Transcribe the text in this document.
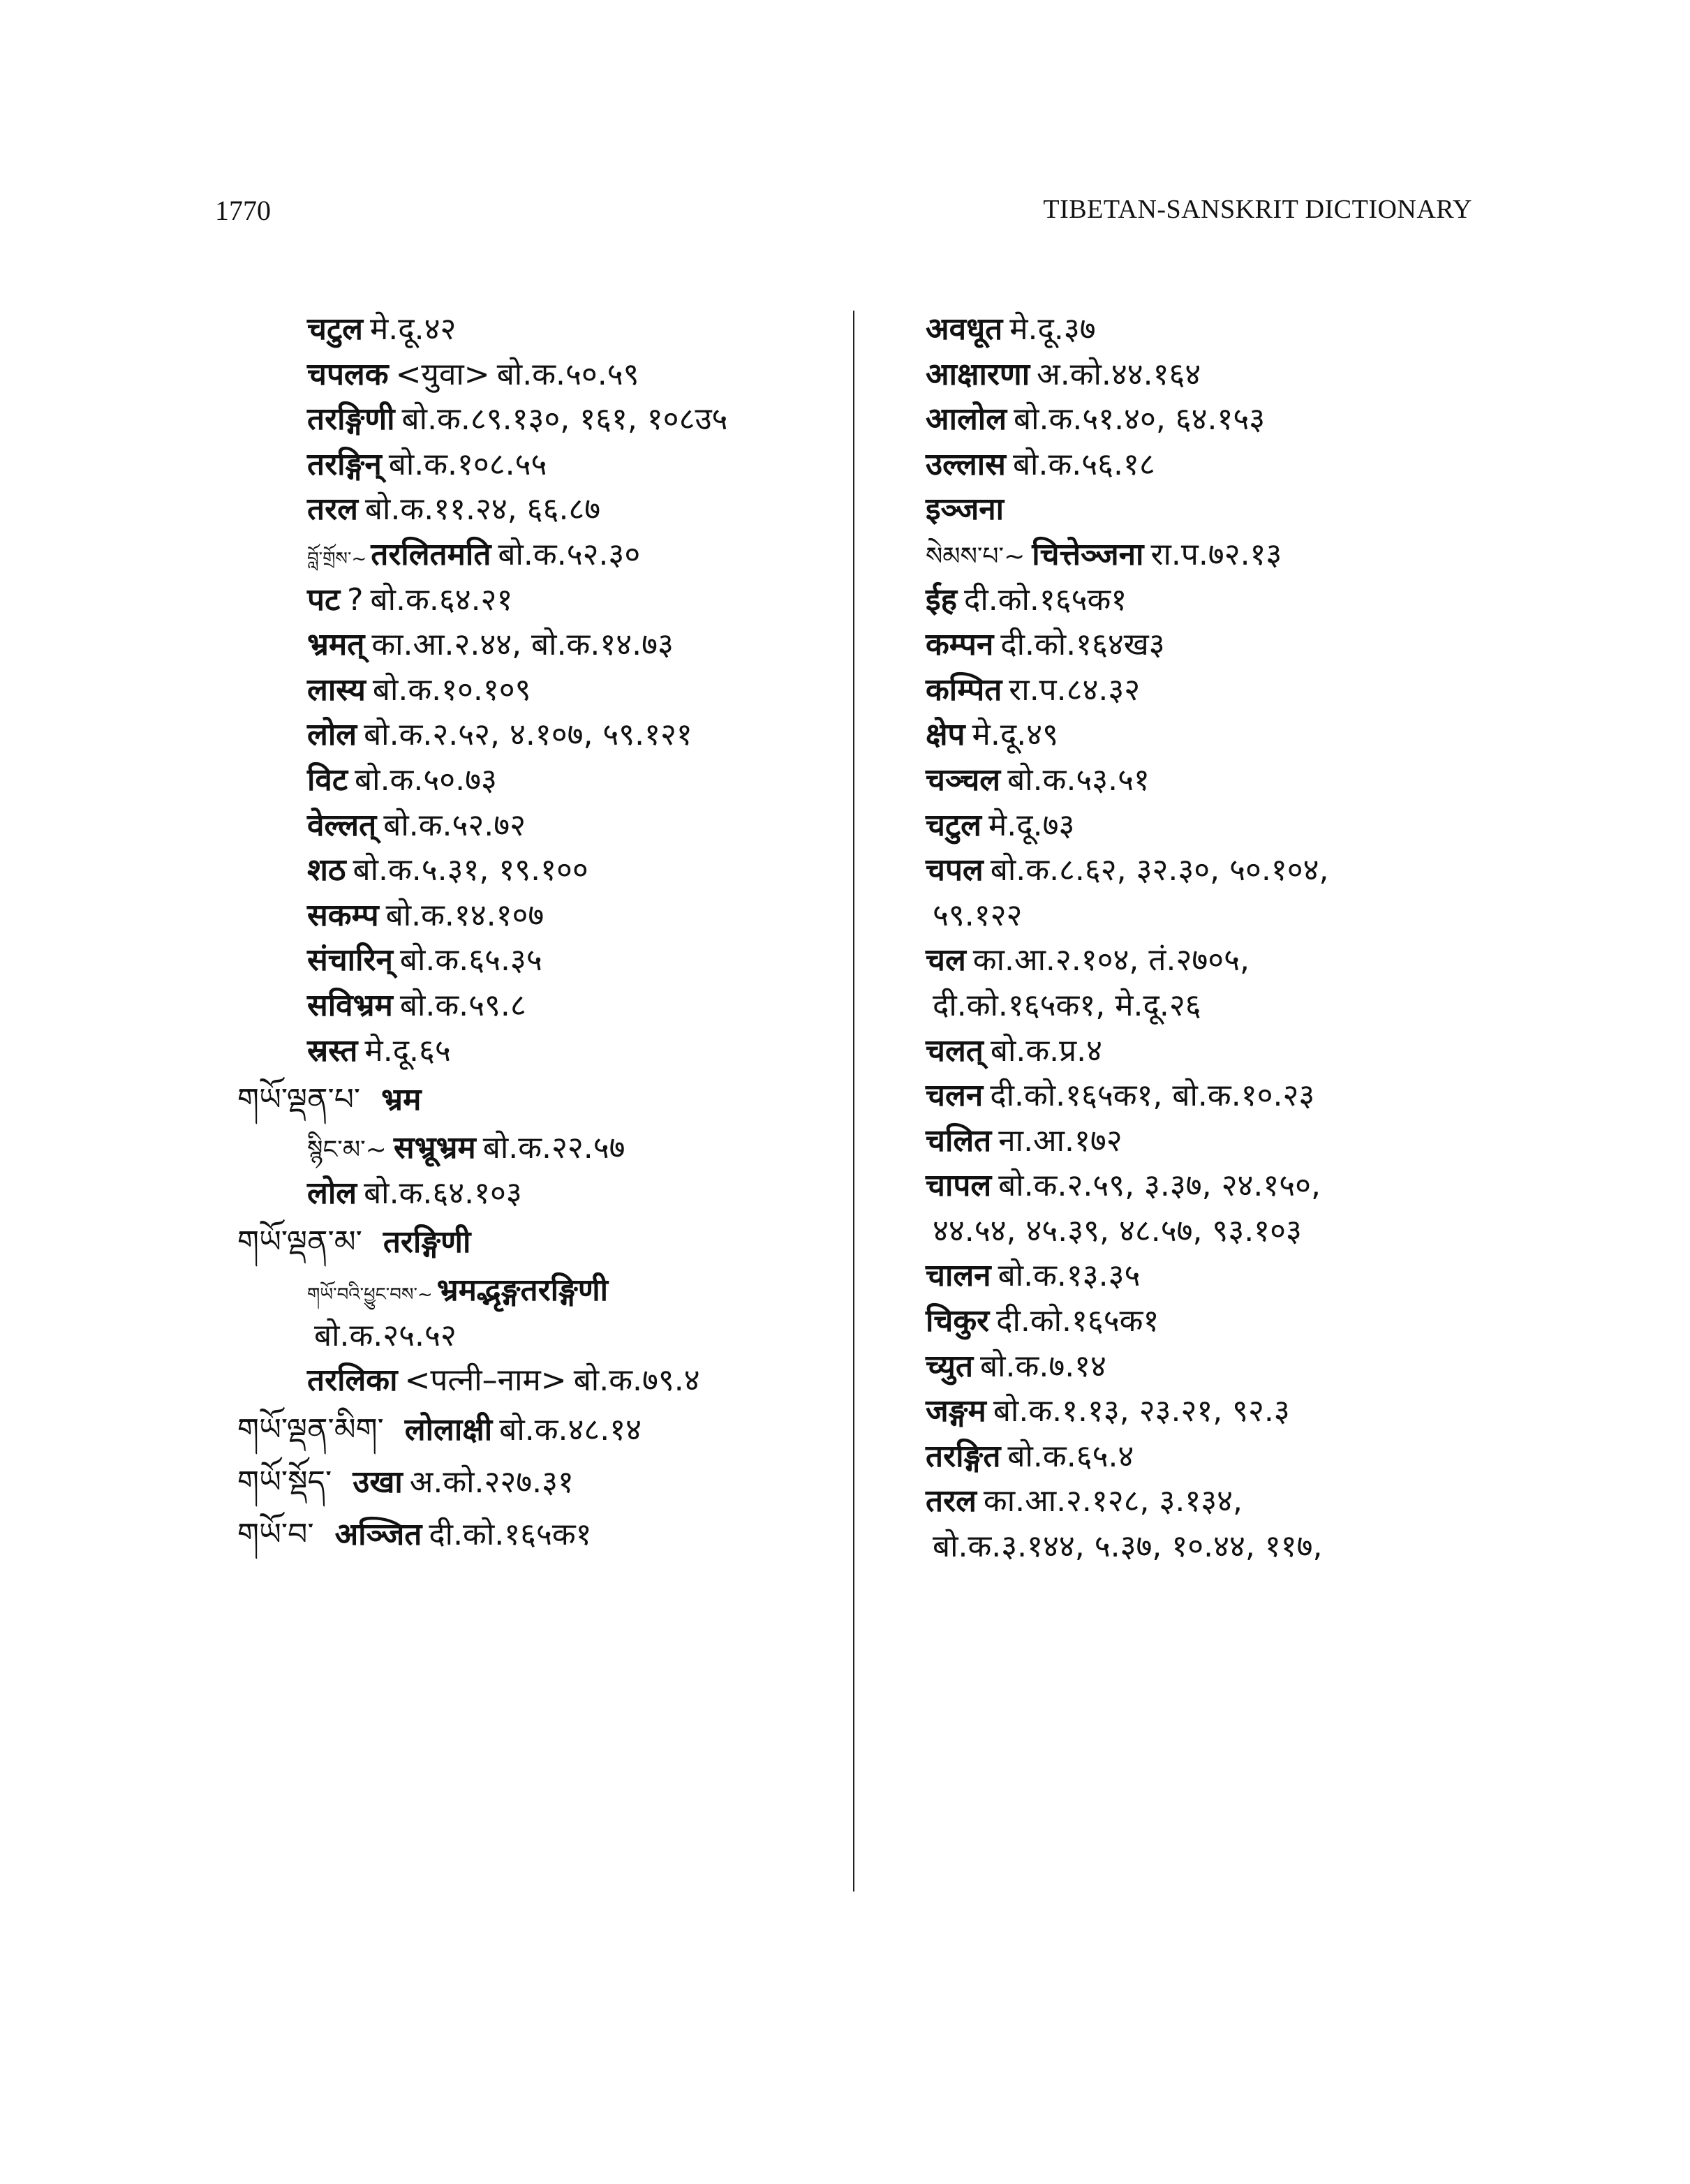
1770	TIBETAN-SANSKRIT DICTIONARY
चटुल मे.दू.४२
चपलक <युवा> बो.क.५०.५९
तरङ्गिणी बो.क.८९.१३०, १६१, १०८उ५
तरङ्गिन् बो.क.१०८.५५
तरल बो.क.११.२४, ६६.८७
བློ་གྲོས་~ तरलितमति बो.क.५२.३०
पट ? बो.क.६४.२१
भ्रमत् का.आ.२.४४, बो.क.१४.७३
लास्य बो.क.१०.१०९
लोल बो.क.२.५२, ४.१०७, ५९.१२१
विट बो.क.५०.७३
वेल्लत् बो.क.५२.७२
शठ बो.क.५.३१, १९.१००
सकम्प बो.क.१४.१०७
संचारिन् बो.क.६५.३५
सविभ्रम बो.क.५९.८
स्रस्त मे.दू.६५
གཡོ་ལྡན་པ་ भ्रम
སྙིང་མ་~ सभ्रूभ्रम बो.क.२२.५७
लोल बो.क.६४.१०३
གཡོ་ལྡན་མ་ तरङ्गिणी
གཡོ་བའི་ཕྱུང་བས་~ भ्रमद्भृङ्गतरङ्गिणी
बो.क.२५.५२
तरलिका <पत्नी–नाम> बो.क.७९.४
གཡོ་ལྡན་མིག་ लोलाक्षी बो.क.४८.१४
གཡོ་སྡོད་ उखा अ.को.२२७.३१
གཡོ་བ་ अञ्जित दी.को.१६५क१
अवधूत मे.दू.३७
आक्षारणा अ.को.४४.१६४
आलोल बो.क.५१.४०, ६४.१५३
उल्लास बो.क.५६.१८
इञ्जना
སེམས་པ་~ चित्तेञ्जना रा.प.७२.१३
ईह दी.को.१६५क१
कम्पन दी.को.१६४ख३
कम्पित रा.प.८४.३२
क्षेप मे.दू.४९
चञ्चल बो.क.५३.५१
चटुल मे.दू.७३
चपल बो.क.८.६२, ३२.३०, ५०.१०४,
५९.१२२
चल का.आ.२.१०४, तं.२७०५,
दी.को.१६५क१, मे.दू.२६
चलत् बो.क.प्र.४
चलन दी.को.१६५क१, बो.क.१०.२३
चलित ना.आ.१७२
चापल बो.क.२.५९, ३.३७, २४.१५०,
४४.५४, ४५.३९, ४८.५७, ९३.१०३
चालन बो.क.१३.३५
चिकुर दी.को.१६५क१
च्युत बो.क.७.१४
जङ्गम बो.क.१.१३, २३.२१, ९२.३
तरङ्गित बो.क.६५.४
तरल का.आ.२.१२८, ३.१३४,
बो.क.३.१४४, ५.३७, १०.४४, ११७,
